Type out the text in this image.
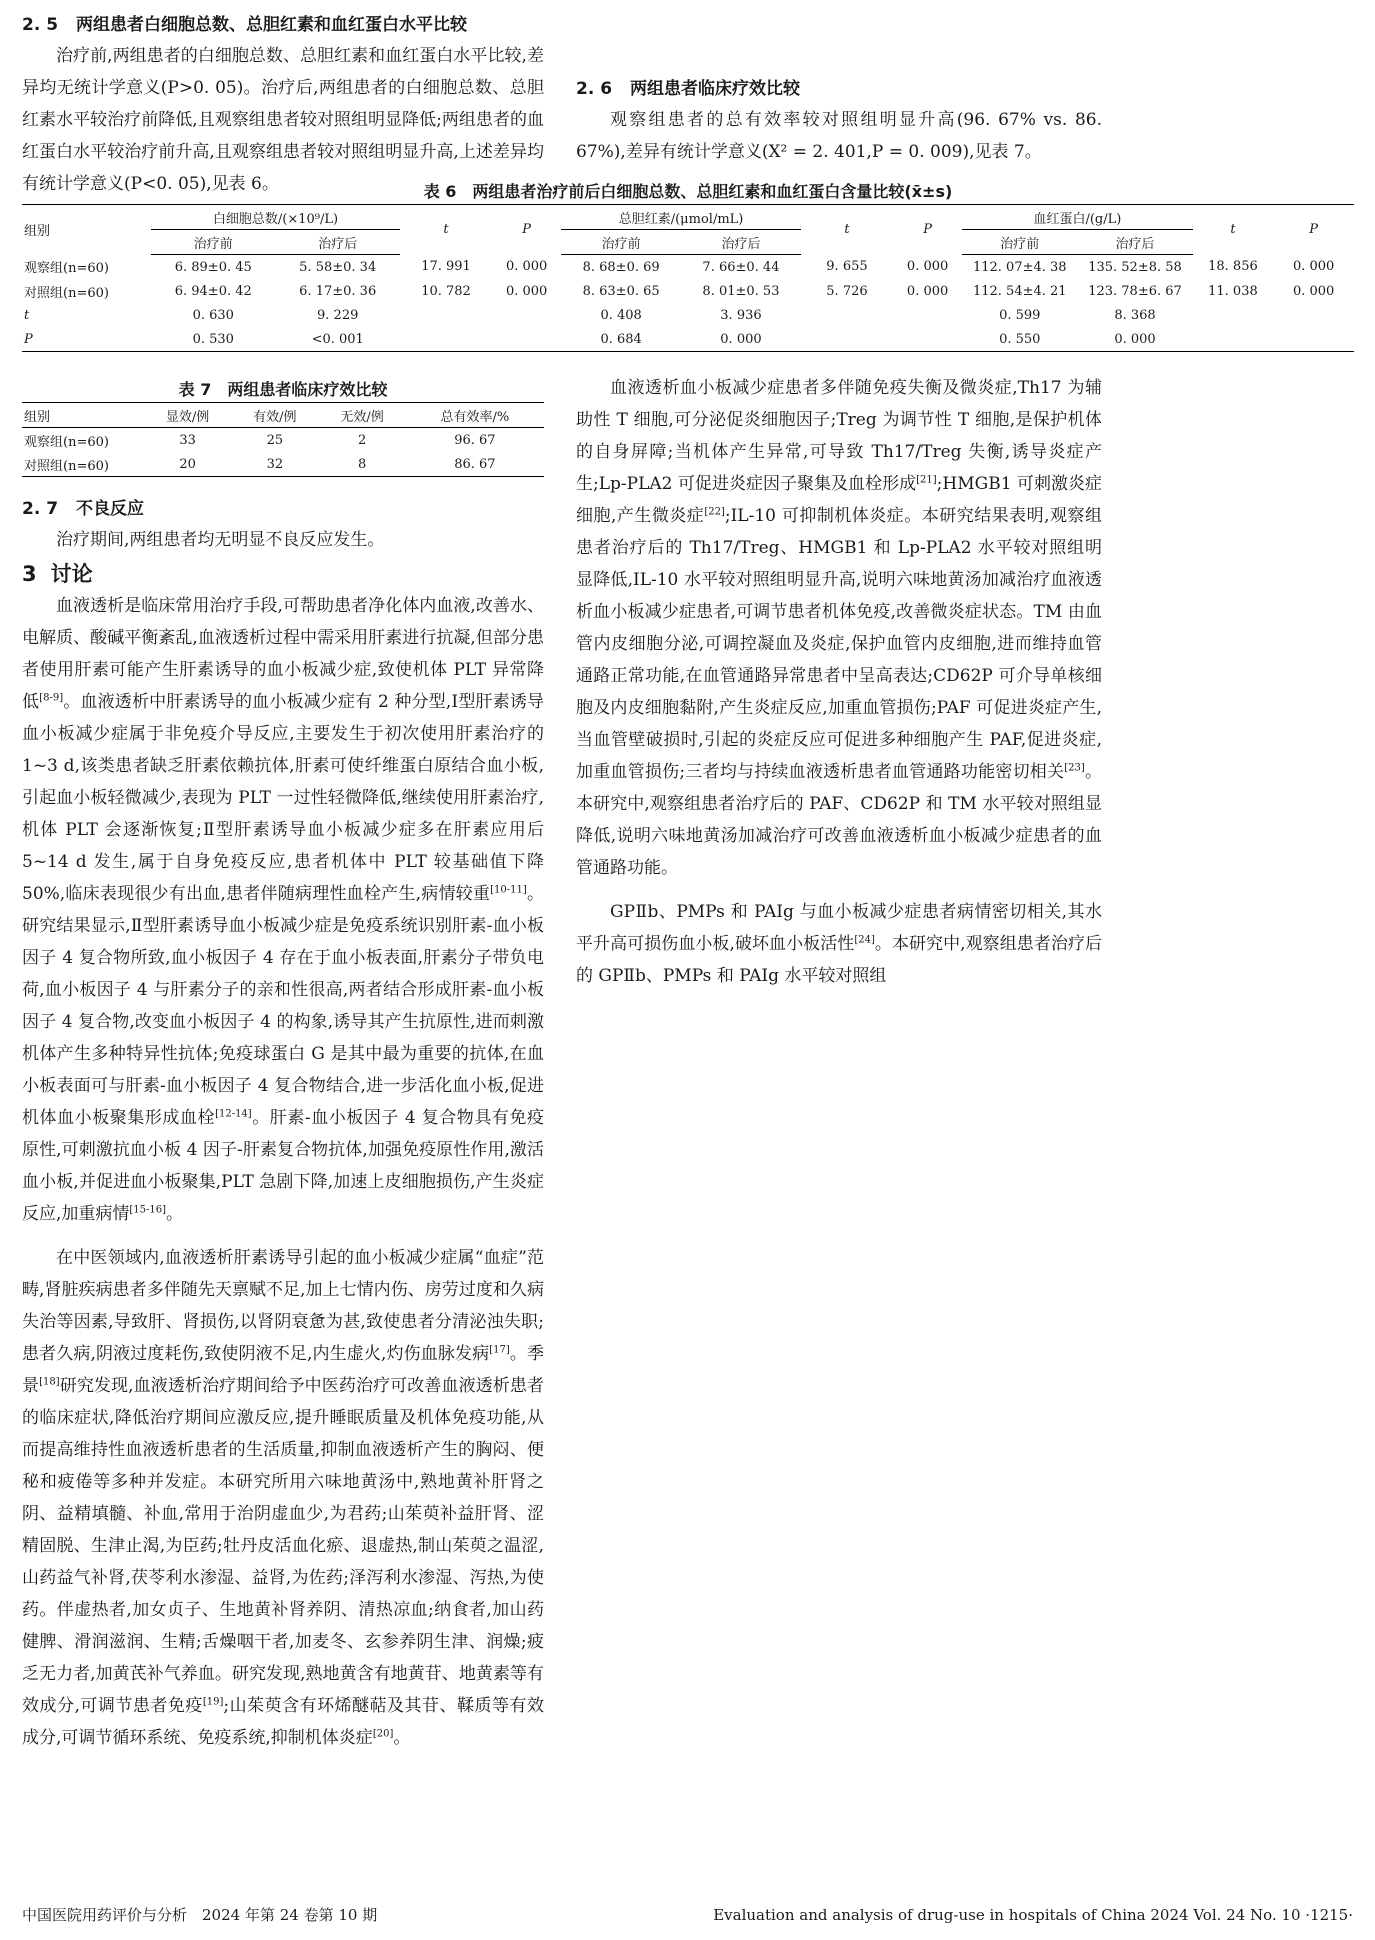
2. 5 两组患者白细胞总数、总胆红素和血红蛋白水平比较

治疗前,两组患者的白细胞总数、总胆红素和血红蛋白水平比较,差异均无统计学意义(P>0. 05)。治疗后,两组患者的白细胞总数、总胆红素水平较治疗前降低,且观察组患者较对照组明显降低;两组患者的血红蛋白水平较治疗前升高,且观察组患者较对照组明显升高,上述差异均有统计学意义(P<0. 05),见表 6。

2. 6 两组患者临床疗效比较

观察组患者的总有效率较对照组明显升高(96. 67% vs. 86. 67%),差异有统计学意义(X² = 2. 401,P = 0. 009),见表 7。

表 6　两组患者治疗前后白细胞总数、总胆红素和血红蛋白含量比较(x̄±s)
组别	白细胞总数/(×10⁹/L)		t	P	总胆红素/(μmol/mL)		t	P	血红蛋白/(g/L)		t	P
	治疗前	治疗后			治疗前	治疗后			治疗前	治疗后		
观察组(n=60)	6. 89±0. 45	5. 58±0. 34	17. 991	0. 000	8. 68±0. 69	7. 66±0. 44	9. 655	0. 000	112. 07±4. 38	135. 52±8. 58	18. 856	0. 000
对照组(n=60)	6. 94±0. 42	6. 17±0. 36	10. 782	0. 000	8. 63±0. 65	8. 01±0. 53	5. 726	0. 000	112. 54±4. 21	123. 78±6. 67	11. 038	0. 000
t	0. 630	9. 229			0. 408	3. 936			0. 599	8. 368		
P	0. 530	<0. 001			0. 684	0. 000			0. 550	0. 000		
表 7　两组患者临床疗效比较
组别	显效/例	有效/例	无效/例	总有效率/%
观察组(n=60)	33	25	2	96. 67
对照组(n=60)	20	32	8	86. 67
2. 7 不良反应

治疗期间,两组患者均无明显不良反应发生。

3 讨论

血液透析是临床常用治疗手段,可帮助患者净化体内血液,改善水、电解质、酸碱平衡紊乱,血液透析过程中需采用肝素进行抗凝,但部分患者使用肝素可能产生肝素诱导的血小板减少症,致使机体 PLT 异常降低[8-9]。血液透析中肝素诱导的血小板减少症有 2 种分型,Ⅰ型肝素诱导血小板减少症属于非免疫介导反应,主要发生于初次使用肝素治疗的 1~3 d,该类患者缺乏肝素依赖抗体,肝素可使纤维蛋白原结合血小板,引起血小板轻微减少,表现为 PLT 一过性轻微降低,继续使用肝素治疗,机体 PLT 会逐渐恢复;Ⅱ型肝素诱导血小板减少症多在肝素应用后 5~14 d 发生,属于自身免疫反应,患者机体中 PLT 较基础值下降 50%,临床表现很少有出血,患者伴随病理性血栓产生,病情较重[10-11]。研究结果显示,Ⅱ型肝素诱导血小板减少症是免疫系统识别肝素-血小板因子 4 复合物所致,血小板因子 4 存在于血小板表面,肝素分子带负电荷,血小板因子 4 与肝素分子的亲和性很高,两者结合形成肝素-血小板因子 4 复合物,改变血小板因子 4 的构象,诱导其产生抗原性,进而刺激机体产生多种特异性抗体;免疫球蛋白 G 是其中最为重要的抗体,在血小板表面可与肝素-血小板因子 4 复合物结合,进一步活化血小板,促进机体血小板聚集形成血栓[12-14]。肝素-血小板因子 4 复合物具有免疫原性,可刺激抗血小板 4 因子-肝素复合物抗体,加强免疫原性作用,激活血小板,并促进血小板聚集,PLT 急剧下降,加速上皮细胞损伤,产生炎症反应,加重病情[15-16]。

在中医领域内,血液透析肝素诱导引起的血小板减少症属“血症”范畴,肾脏疾病患者多伴随先天禀赋不足,加上七情内伤、房劳过度和久病失治等因素,导致肝、肾损伤,以肾阴衰惫为甚,致使患者分清泌浊失职;患者久病,阴液过度耗伤,致使阴液不足,内生虚火,灼伤血脉发病[17]。季景[18]研究发现,血液透析治疗期间给予中医药治疗可改善血液透析患者的临床症状,降低治疗期间应激反应,提升睡眠质量及机体免疫功能,从而提高维持性血液透析患者的生活质量,抑制血液透析产生的胸闷、便秘和疲倦等多种并发症。本研究所用六味地黄汤中,熟地黄补肝肾之阴、益精填髓、补血,常用于治阴虚血少,为君药;山茱萸补益肝肾、涩精固脱、生津止渴,为臣药;牡丹皮活血化瘀、退虚热,制山茱萸之温涩,山药益气补肾,茯苓利水渗湿、益肾,为佐药;泽泻利水渗湿、泻热,为使药。伴虚热者,加女贞子、生地黄补肾养阴、清热凉血;纳食者,加山药健脾、滑润滋润、生精;舌燥咽干者,加麦冬、玄参养阴生津、润燥;疲乏无力者,加黄芪补气养血。研究发现,熟地黄含有地黄苷、地黄素等有效成分,可调节患者免疫[19];山茱萸含有环烯醚萜及其苷、鞣质等有效成分,可调节循环系统、免疫系统,抑制机体炎症[20]。

血液透析血小板减少症患者多伴随免疫失衡及微炎症,Th17 为辅助性 T 细胞,可分泌促炎细胞因子;Treg 为调节性 T 细胞,是保护机体的自身屏障;当机体产生异常,可导致 Th17/Treg 失衡,诱导炎症产生;Lp-PLA2 可促进炎症因子聚集及血栓形成[21];HMGB1 可刺激炎症细胞,产生微炎症[22];IL-10 可抑制机体炎症。本研究结果表明,观察组患者治疗后的 Th17/Treg、HMGB1 和 Lp-PLA2 水平较对照组明显降低,IL-10 水平较对照组明显升高,说明六味地黄汤加减治疗血液透析血小板减少症患者,可调节患者机体免疫,改善微炎症状态。TM 由血管内皮细胞分泌,可调控凝血及炎症,保护血管内皮细胞,进而维持血管通路正常功能,在血管通路异常患者中呈高表达;CD62P 可介导单核细胞及内皮细胞黏附,产生炎症反应,加重血管损伤;PAF 可促进炎症产生,当血管壁破损时,引起的炎症反应可促进多种细胞产生 PAF,促进炎症,加重血管损伤;三者均与持续血液透析患者血管通路功能密切相关[23]。本研究中,观察组患者治疗后的 PAF、CD62P 和 TM 水平较对照组显降低,说明六味地黄汤加减治疗可改善血液透析血小板减少症患者的血管通路功能。

GPⅡb、PMPs 和 PAIg 与血小板减少症患者病情密切相关,其水平升高可损伤血小板,破坏血小板活性[24]。本研究中,观察组患者治疗后的 GPⅡb、PMPs 和 PAIg 水平较对照组

中国医院用药评价与分析　2024 年第 24 卷第 10 期	Evaluation and analysis of drug-use in hospitals of China 2024 Vol. 24 No. 10 ·1215·
